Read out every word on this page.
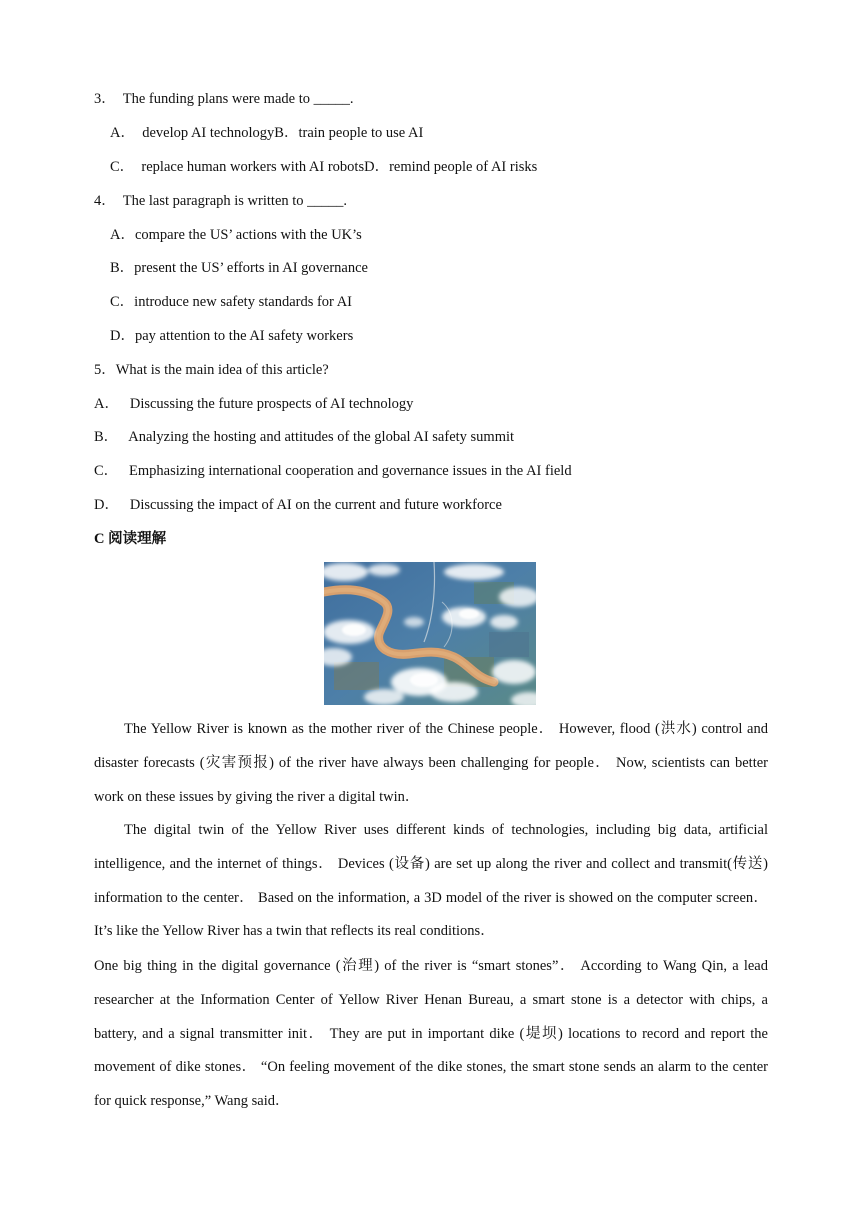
3．  The funding plans were made to _____.
A．  develop AI technologyB．train people to use AI
C．  replace human workers with AI robotsD．remind people of AI risks
4．  The last paragraph is written to _____.
A．compare the US’ actions with the UK’s
B．present the US’ efforts in AI governance
C．introduce new safety standards for AI
D．pay attention to the AI safety workers
5．What is the main idea of this article?
A．   Discussing the future prospects of AI technology
B．   Analyzing the hosting and attitudes of the global AI safety summit
C．   Emphasizing international cooperation and governance issues in the AI field
D．   Discussing the impact of AI on the current and future workforce
C 阅读理解
The Yellow River is known as the mother river of the Chinese people． However, flood (洪水) control and disaster forecasts (灾害预报) of the river have always been challenging for people． Now, scientists can better work on these issues by giving the river a digital twin．
The digital twin of the Yellow River uses different kinds of technologies, including big data, artificial intelligence, and the internet of things． Devices (设备) are set up along the river and collect and transmit(传送) information to the center． Based on the information, a 3D model of the river is showed on the computer screen． It’s like the Yellow River has a twin that reflects its real conditions．
One big thing in the digital governance (治理) of the river is “smart stones”． According to Wang Qin, a lead researcher at the Information Center of Yellow River Henan Bureau, a smart stone is a detector with chips, a battery, and a signal transmitter init． They are put in important dike (堤坝) locations to record and report the movement of dike stones． “On feeling movement of the dike stones, the smart stone sends an alarm to the center for quick response,” Wang said．
